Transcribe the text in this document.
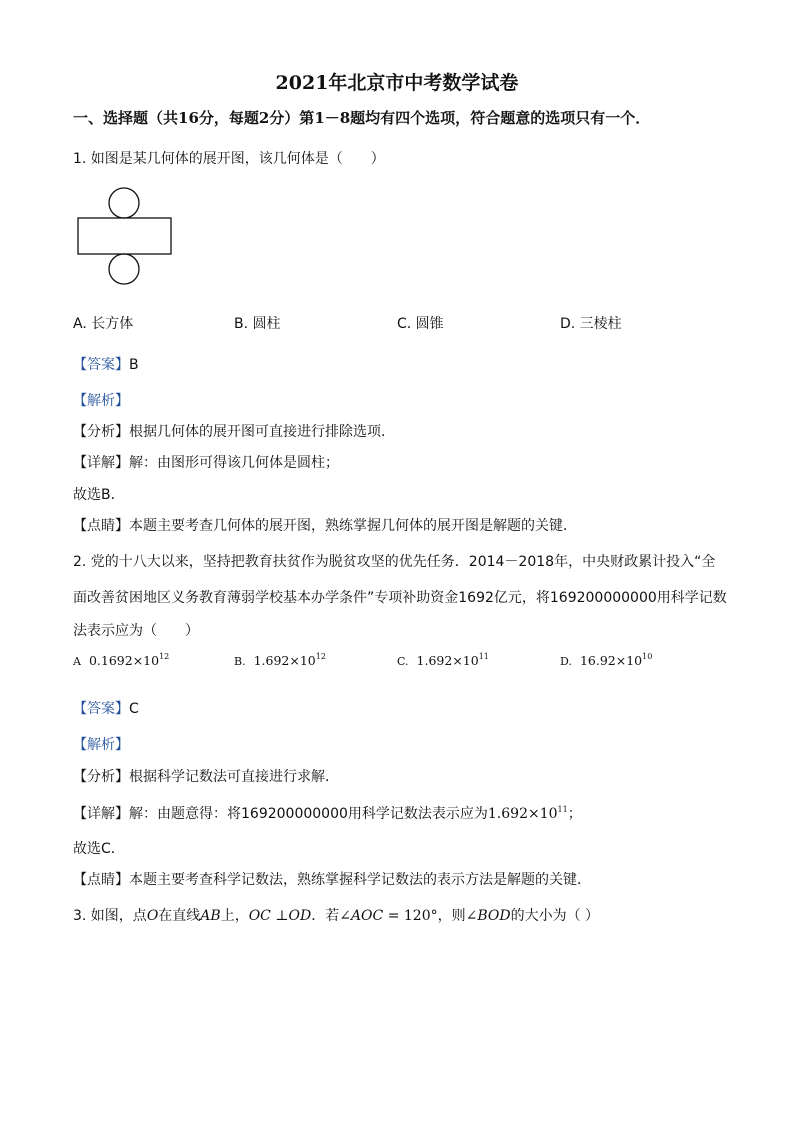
2021年北京市中考数学试卷
一、选择题（共16分，每题2分）第1－8题均有四个选项，符合题意的选项只有一个．
1. 如图是某几何体的展开图，该几何体是（　　）
A. 长方体	B. 圆柱	C. 圆锥	D. 三棱柱
【答案】B
【解析】
【分析】根据几何体的展开图可直接进行排除选项．
【详解】解：由图形可得该几何体是圆柱；
故选B．
【点睛】本题主要考查几何体的展开图，熟练掌握几何体的展开图是解题的关键．
2. 党的十八大以来，坚持把教育扶贫作为脱贫攻坚的优先任务．2014－2018年，中央财政累计投入“全
面改善贫困地区义务教育薄弱学校基本办学条件”专项补助资金1692亿元，将169200000000用科学记数
法表示应为（　　）
A $0.1692\times 10^{12}$	B. $1.692\times 10^{12}$	C. $1.692\times 10^{11}$	D. $16.92\times 10^{10}$
【答案】C
【解析】
【分析】根据科学记数法可直接进行求解．
【详解】解：由题意得：将169200000000用科学记数法表示应为$1.692\times 10^{11}$；
故选C．
【点睛】本题主要考查科学记数法，熟练掌握科学记数法的表示方法是解题的关键．
3. 如图，点O在直线AB上，OC ⊥OD．若∠AOC = 120°，则∠BOD的大小为（ ）
